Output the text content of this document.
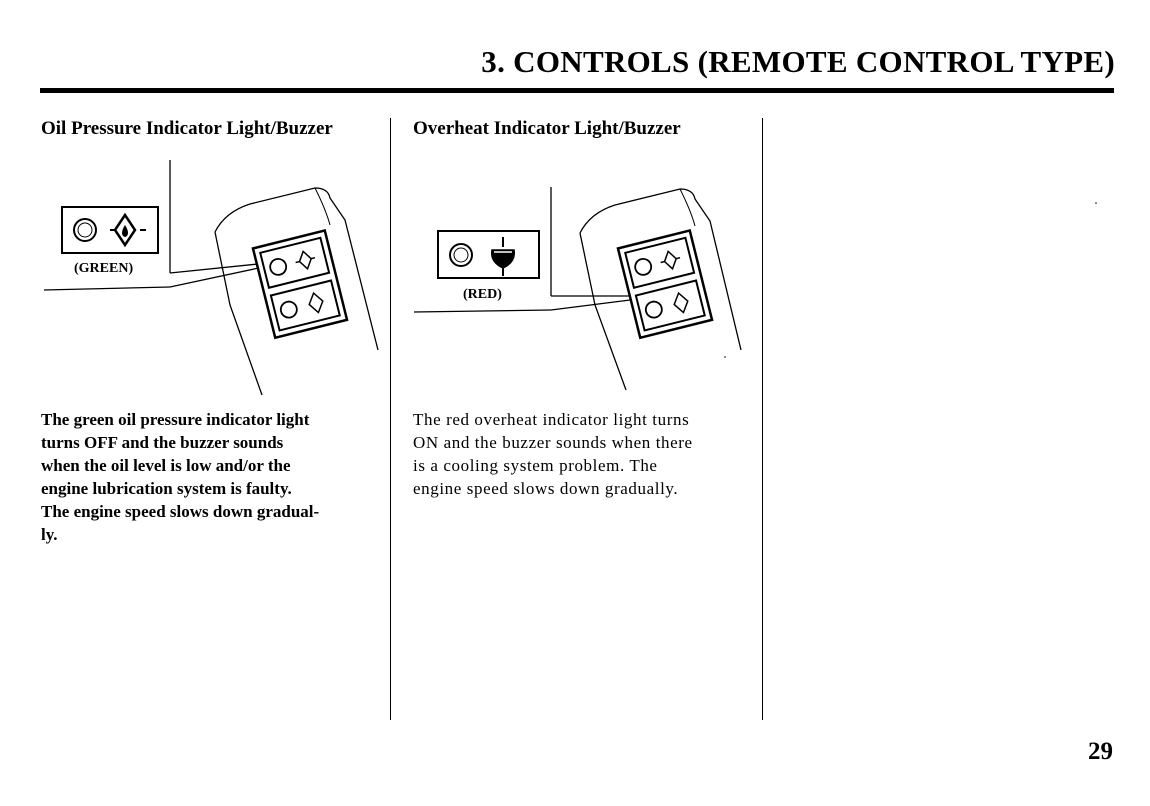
3. CONTROLS (REMOTE CONTROL TYPE)
Oil Pressure Indicator Light/Buzzer
(GREEN)
The green oil pressure indicator light
turns OFF and the buzzer sounds
when the oil level is low and/or the
engine lubrication system is faulty.
The engine speed slows down gradual-
ly.
Overheat Indicator Light/Buzzer
(RED)
The red overheat indicator light turns
ON and the buzzer sounds when there
is a cooling system problem. The
engine speed slows down gradually.
29
